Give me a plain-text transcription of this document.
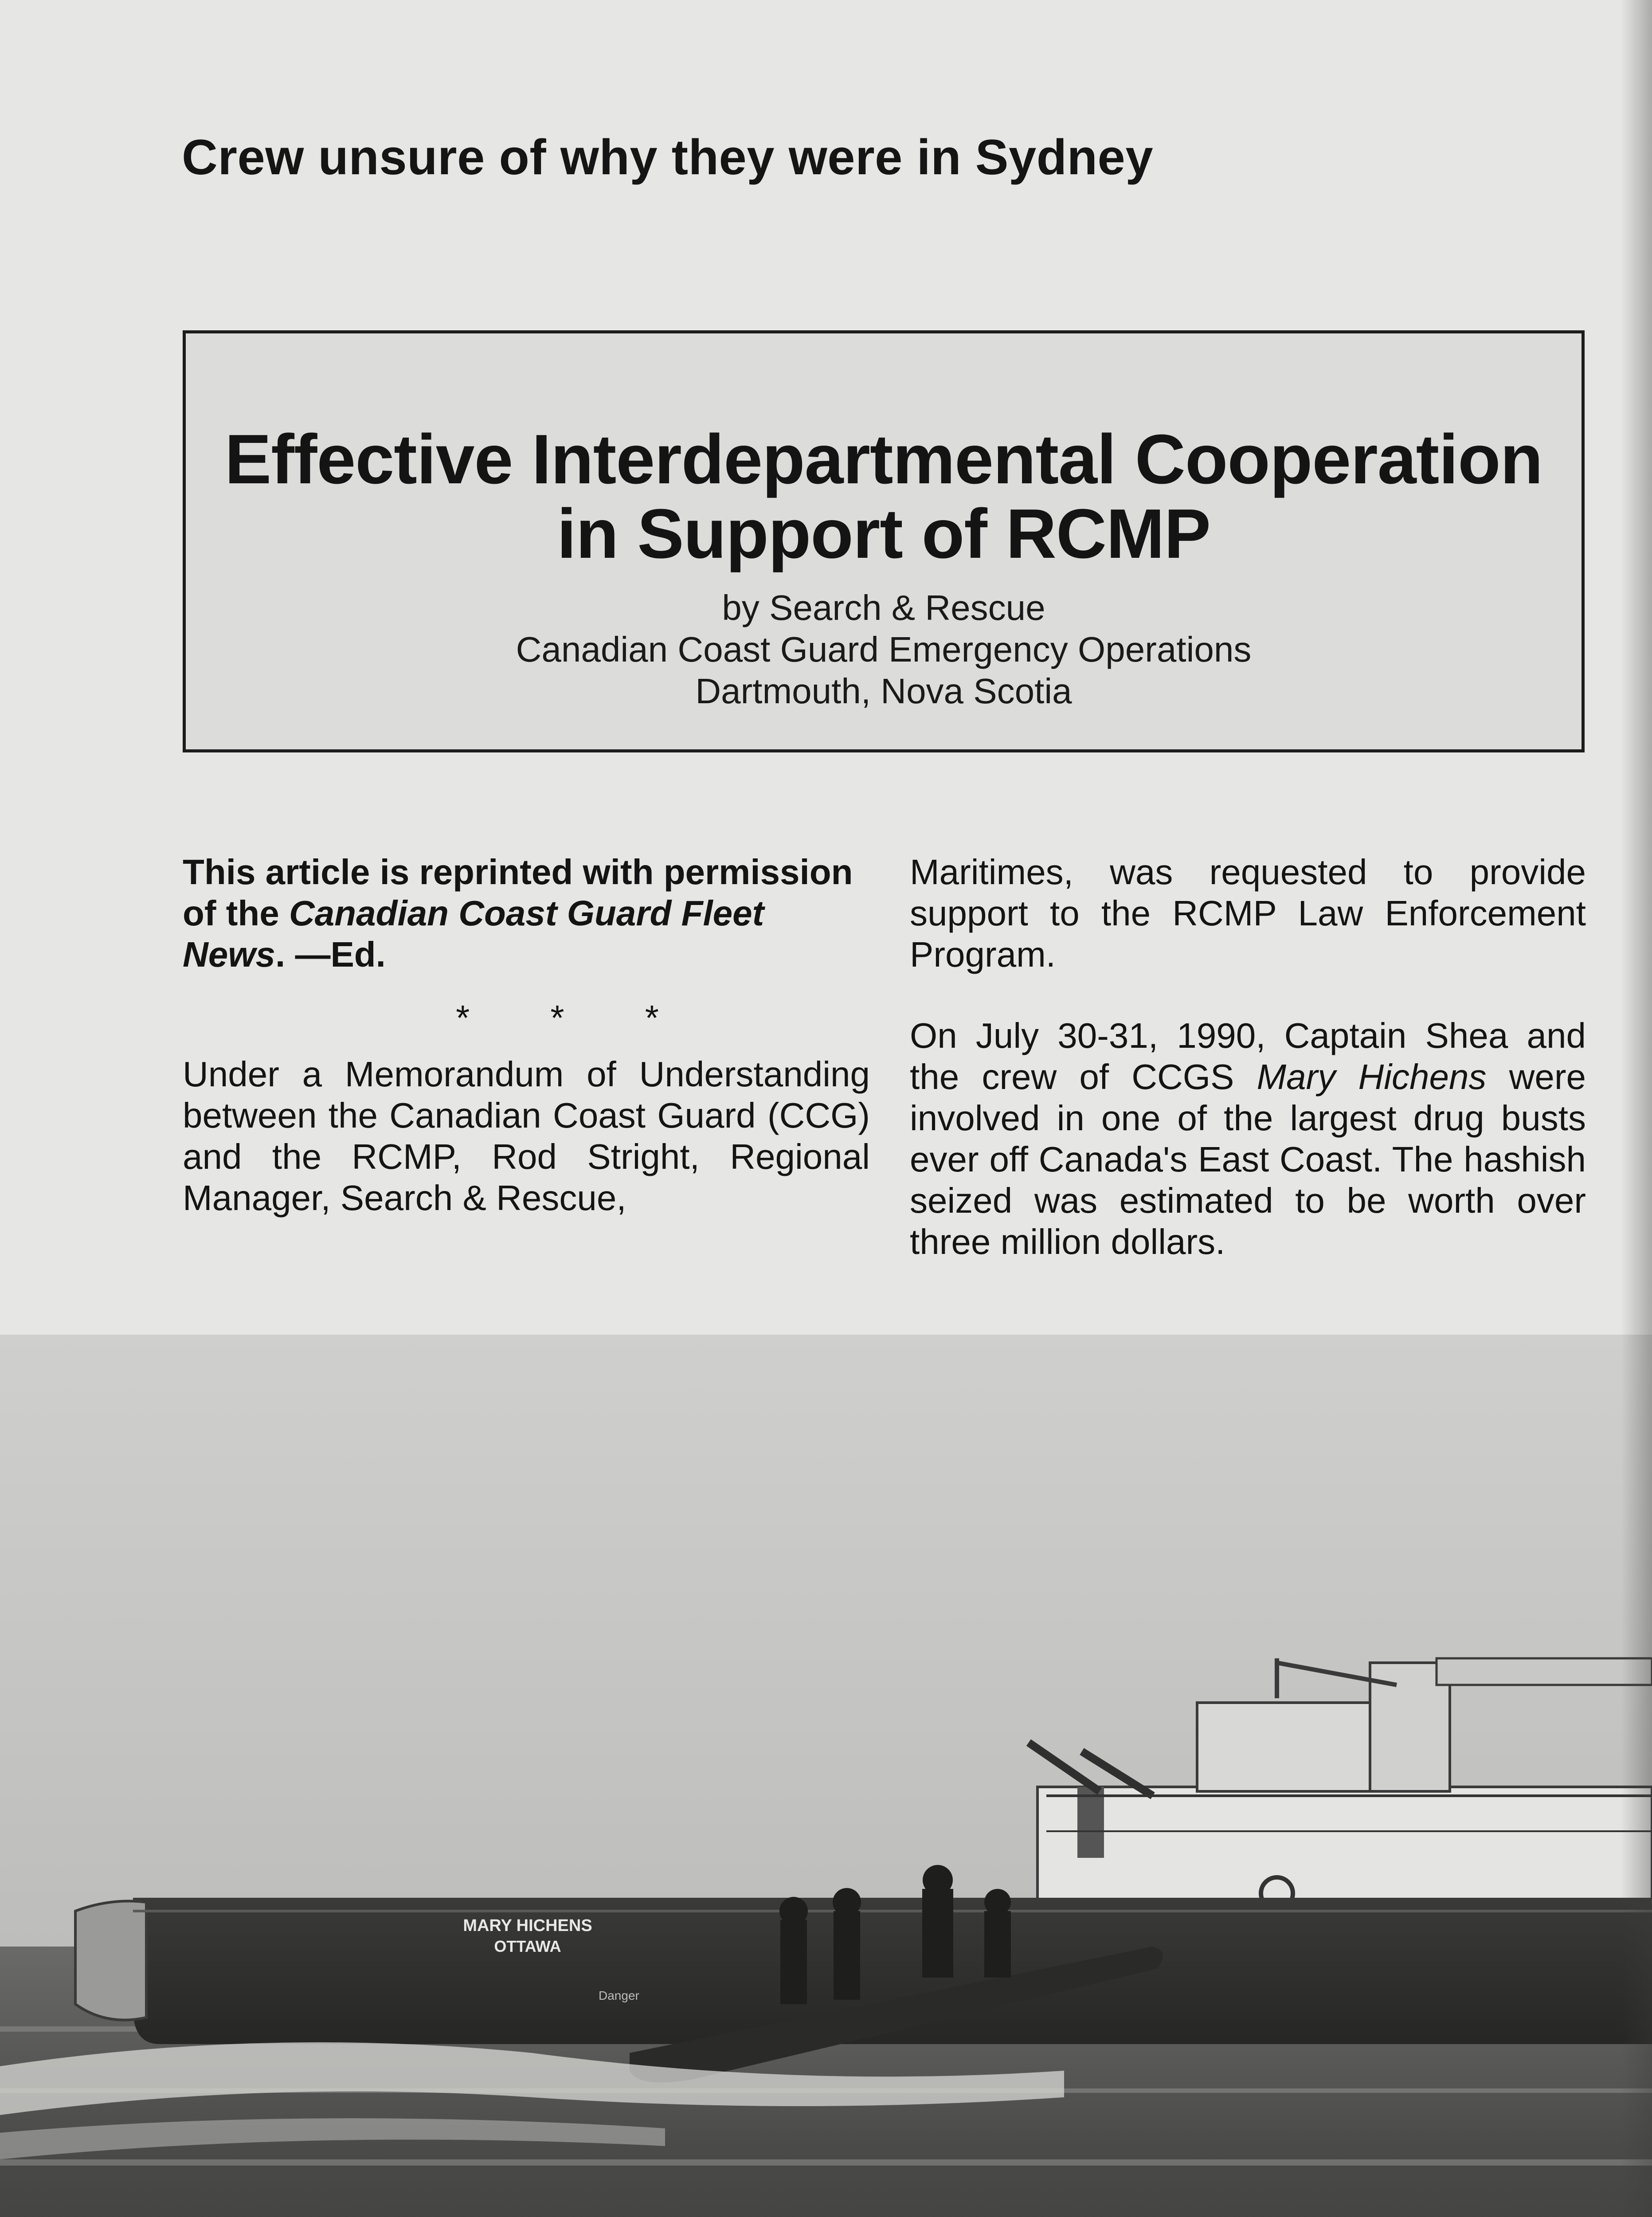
Crew unsure of why they were in Sydney
Effective Interdepartmental Cooperation
in Support of RCMP
by Search & Rescue
Canadian Coast Guard Emergency Operations
Dartmouth, Nova Scotia

This article is reprinted with permission of the Canadian Coast Guard Fleet News. —Ed.

* * *

Under a Memorandum of Understanding between the Canadian Coast Guard (CCG) and the RCMP, Rod Stright, Regional Manager, Search & Rescue,

Maritimes, was requested to provide support to the RCMP Law Enforcement Program.

On July 30-31, 1990, Captain Shea and the crew of CCGS Mary Hichens were involved in one of the largest drug busts ever off Canada's East Coast. The hashish seized was estimated to be worth over three million dollars.

MARY HICHENS
OTTAWA
Danger
